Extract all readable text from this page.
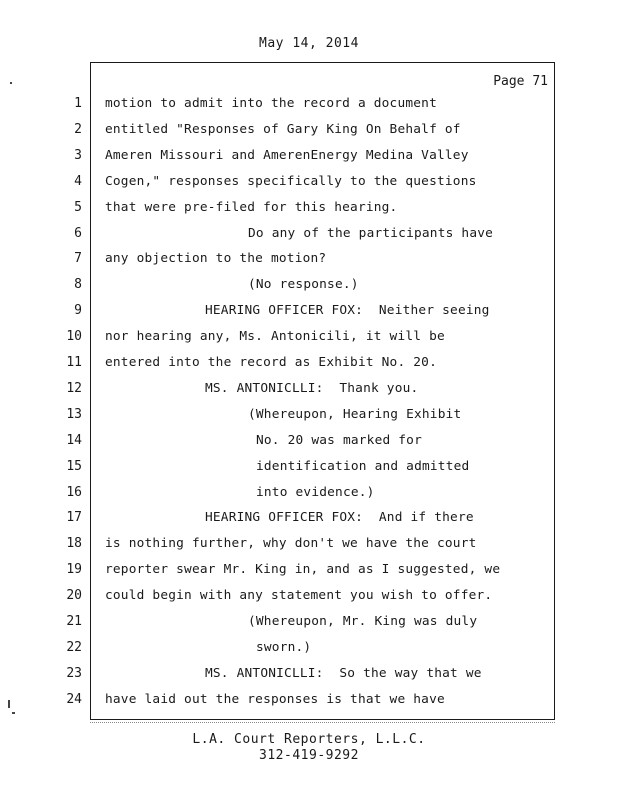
May 14, 2014
Page 71
1 motion to admit into the record a document
2 entitled "Responses of Gary King On Behalf of
3 Ameren Missouri and AmerenEnergy Medina Valley
4 Cogen," responses specifically to the questions
5 that were pre-filed for this hearing.
6	Do any of the participants have
7 any objection to the motion?
8	(No response.)
9	HEARING OFFICER FOX:  Neither seeing
10 nor hearing any, Ms. Antonicili, it will be
11 entered into the record as Exhibit No. 20.
12	MS. ANTONICLLI:  Thank you.
13	(Whereupon, Hearing Exhibit
14	No. 20 was marked for
15	identification and admitted
16	into evidence.)
17	HEARING OFFICER FOX:  And if there
18 is nothing further, why don't we have the court
19 reporter swear Mr. King in, and as I suggested, we
20 could begin with any statement you wish to offer.
21	(Whereupon, Mr. King was duly
22	sworn.)
23	MS. ANTONICLLI:  So the way that we
24 have laid out the responses is that we have
L.A. Court Reporters, L.L.C.
312-419-9292
